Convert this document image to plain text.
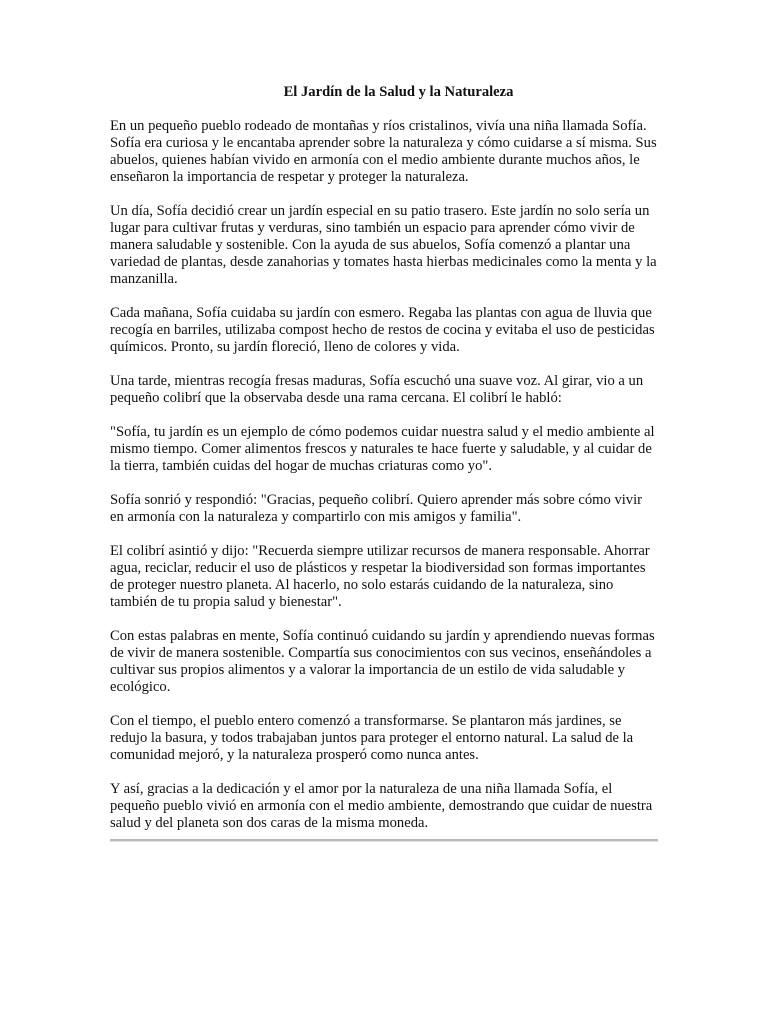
El Jardín de la Salud y la Naturaleza

En un pequeño pueblo rodeado de montañas y ríos cristalinos, vivía una niña llamada Sofía. Sofía era curiosa y le encantaba aprender sobre la naturaleza y cómo cuidarse a sí misma. Sus abuelos, quienes habían vivido en armonía con el medio ambiente durante muchos años, le enseñaron la importancia de respetar y proteger la naturaleza.

Un día, Sofía decidió crear un jardín especial en su patio trasero. Este jardín no solo sería un lugar para cultivar frutas y verduras, sino también un espacio para aprender cómo vivir de manera saludable y sostenible. Con la ayuda de sus abuelos, Sofía comenzó a plantar una variedad de plantas, desde zanahorias y tomates hasta hierbas medicinales como la menta y la manzanilla.

Cada mañana, Sofía cuidaba su jardín con esmero. Regaba las plantas con agua de lluvia que recogía en barriles, utilizaba compost hecho de restos de cocina y evitaba el uso de pesticidas químicos. Pronto, su jardín floreció, lleno de colores y vida.

Una tarde, mientras recogía fresas maduras, Sofía escuchó una suave voz. Al girar, vio a un pequeño colibrí que la observaba desde una rama cercana. El colibrí le habló:

"Sofía, tu jardín es un ejemplo de cómo podemos cuidar nuestra salud y el medio ambiente al mismo tiempo. Comer alimentos frescos y naturales te hace fuerte y saludable, y al cuidar de la tierra, también cuidas del hogar de muchas criaturas como yo".

Sofía sonrió y respondió: "Gracias, pequeño colibrí. Quiero aprender más sobre cómo vivir en armonía con la naturaleza y compartirlo con mis amigos y familia".

El colibrí asintió y dijo: "Recuerda siempre utilizar recursos de manera responsable. Ahorrar agua, reciclar, reducir el uso de plásticos y respetar la biodiversidad son formas importantes de proteger nuestro planeta. Al hacerlo, no solo estarás cuidando de la naturaleza, sino también de tu propia salud y bienestar".

Con estas palabras en mente, Sofía continuó cuidando su jardín y aprendiendo nuevas formas de vivir de manera sostenible. Compartía sus conocimientos con sus vecinos, enseñándoles a cultivar sus propios alimentos y a valorar la importancia de un estilo de vida saludable y ecológico.

Con el tiempo, el pueblo entero comenzó a transformarse. Se plantaron más jardines, se redujo la basura, y todos trabajaban juntos para proteger el entorno natural. La salud de la comunidad mejoró, y la naturaleza prosperó como nunca antes.

Y así, gracias a la dedicación y el amor por la naturaleza de una niña llamada Sofía, el pequeño pueblo vivió en armonía con el medio ambiente, demostrando que cuidar de nuestra salud y del planeta son dos caras de la misma moneda.
